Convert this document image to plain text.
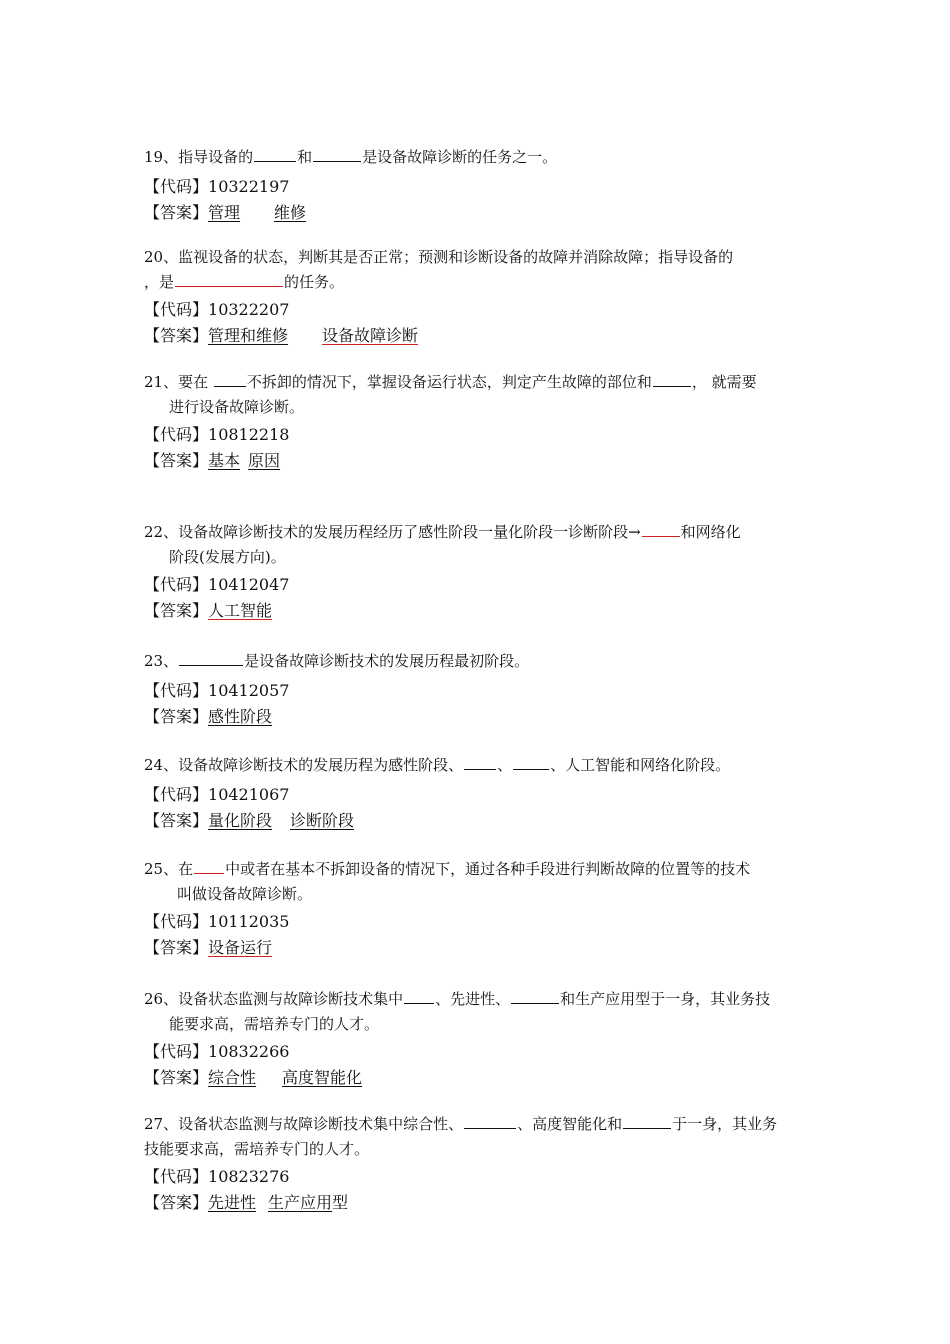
19、指导设备的	和	是设备故障诊断的任务之一。
【代码】10322197
【答案】管理 维修
20、监视设备的状态，判断其是否正常；预测和诊断设备的故障并消除故障；指导设备的
，是	的任务。
【代码】10322207
【答案】管理和维修 设备故障诊断
21、要在 不拆卸的情况下，掌握设备运行状态，判定产生故障的部位和	， 就需要
进行设备故障诊断。
【代码】10812218
【答案】基本 原因
22、设备故障诊断技术的发展历程经历了感性阶段一量化阶段一诊断阶段→	和网络化
阶段(发展方向)。
【代码】10412047
【答案】人工智能
23、	是设备故障诊断技术的发展历程最初阶段。
【代码】10412057
【答案】感性阶段
24、设备故障诊断技术的发展历程为感性阶段、 、	、人工智能和网络化阶段。
【代码】10421067
【答案】量化阶段 诊断阶段
25、在 中或者在基本不拆卸设备的情况下，通过各种手段进行判断故障的位置等的技术
叫做设备故障诊断。
【代码】10112035
【答案】设备运行
26、设备状态监测与故障诊断技术集中 、先进性、	和生产应用型于一身，其业务技
能要求高，需培养专门的人才。
【代码】10832266
【答案】综合性 高度智能化
27、设备状态监测与故障诊断技术集中综合性、	、高度智能化和	于一身，其业务
技能要求高，需培养专门的人才。
【代码】10823276
【答案】先进性 生产应用型
